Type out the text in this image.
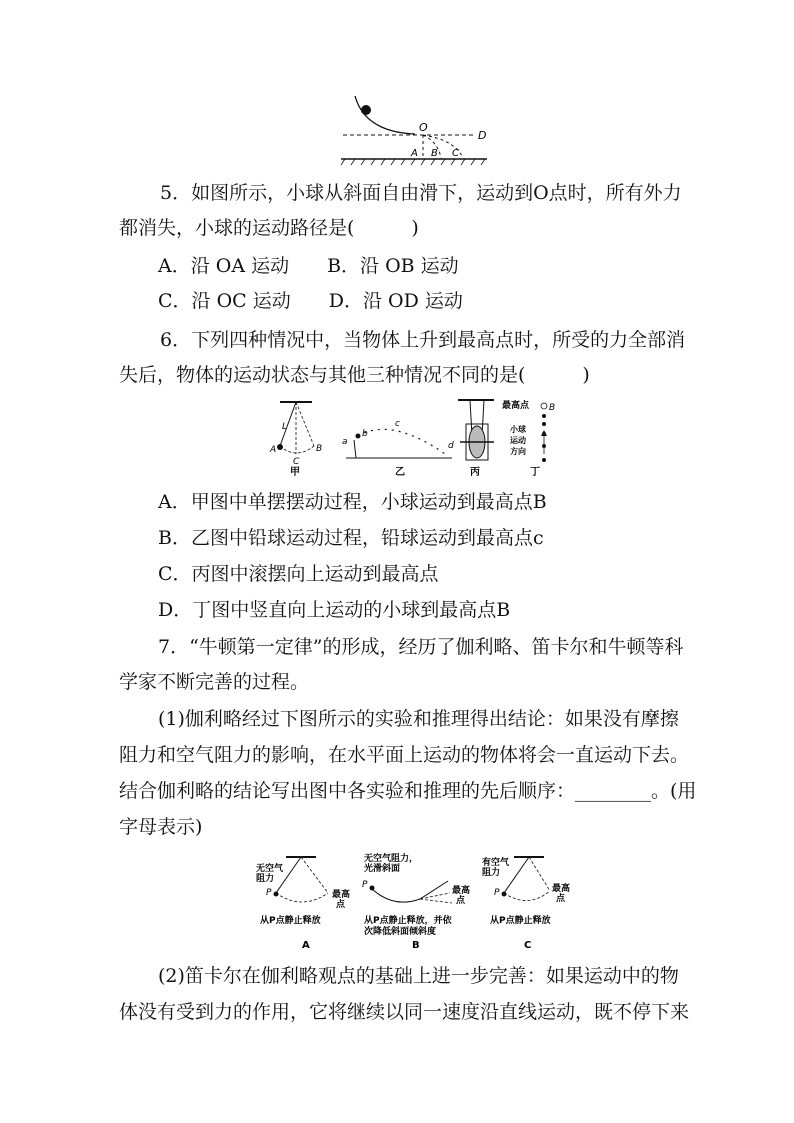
O
D
A B C
5．如图所示，小球从斜面自由滑下，运动到O点时，所有外力
都消失，小球的运动路径是(　　　)
A．沿 OA 运动　　B．沿 OB 运动
C．沿 OC 运动　　D．沿 OD 运动
6．下列四种情况中，当物体上升到最高点时，所受的力全部消
失后，物体的运动状态与其他三种情况不同的是(　　　)
L
A	B
C
甲
a
b
c
d
乙	丙
最高点 B
小球
运动
方向
丁
A．甲图中单摆摆动过程，小球运动到最高点B
B．乙图中铅球运动过程，铅球运动到最高点c
C．丙图中滚摆向上运动到最高点
D．丁图中竖直向上运动的小球到最高点B
7．“牛顿第一定律”的形成，经历了伽利略、笛卡尔和牛顿等科
学家不断完善的过程。
(1)伽利略经过下图所示的实验和推理得出结论：如果没有摩擦
阻力和空气阻力的影响，在水平面上运动的物体将会一直运动下去。
结合伽利略的结论写出图中各实验和推理的先后顺序：________。(用
字母表示)
无空气
阻力
P	最高
点
从P点静止释放
A
无空气阻力，
光滑斜面
P
最高
点
从P点静止释放，并依
次降低斜面倾斜度
B
有空气
阻力
P	最高
点
从P点静止释放
C
(2)笛卡尔在伽利略观点的基础上进一步完善：如果运动中的物
体没有受到力的作用，它将继续以同一速度沿直线运动，既不停下来
